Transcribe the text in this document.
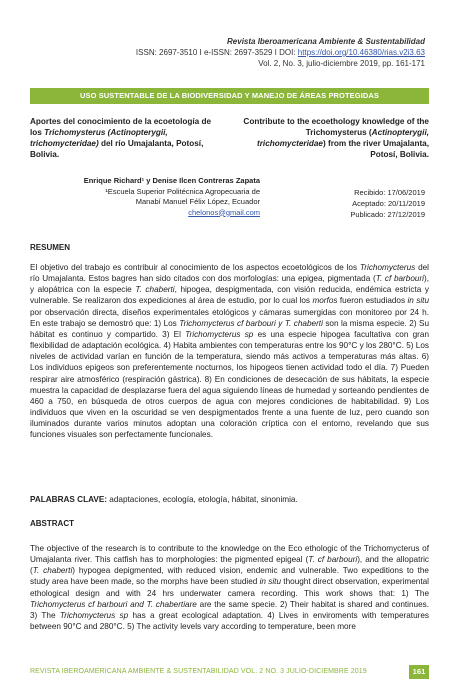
Revista Iberoamericana Ambiente & Sustentabilidad
ISSN: 2697-3510 I e-ISSN: 2697-3529 I DOI: https://doi.org/10.46380/rias.v2i3.63
Vol. 2, No. 3, julio-diciembre 2019, pp. 161-171
USO SUSTENTABLE DE LA BIODIVERSIDAD Y MANEJO DE ÁREAS PROTEGIDAS
Aportes del conocimiento de la ecoetología de los Trichomysterus (Actinopterygii, trichomycteridae) del río Umajalanta, Potosí, Bolivia.
Contribute to the ecoethology knowledge of the Trichomysterus (Actinopterygii, trichomycteridae) from the river Umajalanta, Potosí, Bolivia.
Enrique Richard¹ y Denise Ilcen Contreras Zapata
¹Escuela Superior Politécnica Agropecuaria de
Manabí Manuel Félix López, Ecuador
chelonos@gmail.com
Recibido: 17/06/2019
Aceptado: 20/11/2019
Publicado: 27/12/2019
RESUMEN
El objetivo del trabajo es contribuir al conocimiento de los aspectos ecoetológicos de los Trichomycterus del río Umajalanta. Estos bagres han sido citados con dos morfologías: una epigea, pigmentada (T. cf barbouri), y alopátrica con la especie T. chaberti, hipogea, despigmentada, con visión reducida, endémica estricta y vulnerable. Se realizaron dos expediciones al área de estudio, por lo cual los morfos fueron estudiados in situ por observación directa, diseños experimentales etológicos y cámaras sumergidas con monitoreo por 24 h. En este trabajo se demostró que: 1) Los Trichomycterus cf barbouri y T. chaberti son la misma especie. 2) Su hábitat es continuo y compartido. 3) El Trichomycterus sp es una especie hipogea facultativa con gran flexibilidad de adaptación ecológica. 4) Habita ambientes con temperaturas entre los 90°C y los 280°C. 5) Los niveles de actividad varían en función de la temperatura, siendo más activos a temperaturas más altas. 6) Los individuos epigeos son preferentemente nocturnos, los hipogeos tienen actividad todo el día. 7) Pueden respirar aire atmosférico (respiración gástrica). 8) En condiciones de desecación de sus hábitats, la especie muestra la capacidad de desplazarse fuera del agua siguiendo líneas de humedad y sorteando pendientes de 460 a 750, en búsqueda de otros cuerpos de agua con mejores condiciones de habitabilidad. 9) Los individuos que viven en la oscuridad se ven despigmentados frente a una fuente de luz, pero cuando son iluminados durante varios minutos adoptan una coloración críptica con el entorno, revelando que sus funciones visuales son perfectamente funcionales.
PALABRAS CLAVE: adaptaciones, ecología, etología, hábitat, sinonimia.
ABSTRACT
The objective of the research is to contribute to the knowledge on the Eco ethologic of the Trichomycterus of Umajalanta river. This catfish has to morphologies: the pigmented epigeal (T. cf barbouri), and the allopatric (T. chaberti) hypogea depigmented, with reduced vision, endemic and vulnerable. Two expeditions to the study area have been made, so the morphs have been studied in situ thought direct observation, experimental ethological design and with 24 hrs underwater camera recording. This work shows that: 1) The Trichomycterus cf barbouri and T. chabertiare are the same specie. 2) Their habitat is shared and continues. 3) The Trichomycterus sp has a great ecological adaptation. 4) Lives in enviroments with temperatures between 90°C and 280°C. 5) The activity levels vary according to temperature, been more
REVISTA IBEROAMERICANA AMBIENTE & SUSTENTABILIDAD VOL. 2 NO. 3 JULIO-DICIEMBRE 2019	161
